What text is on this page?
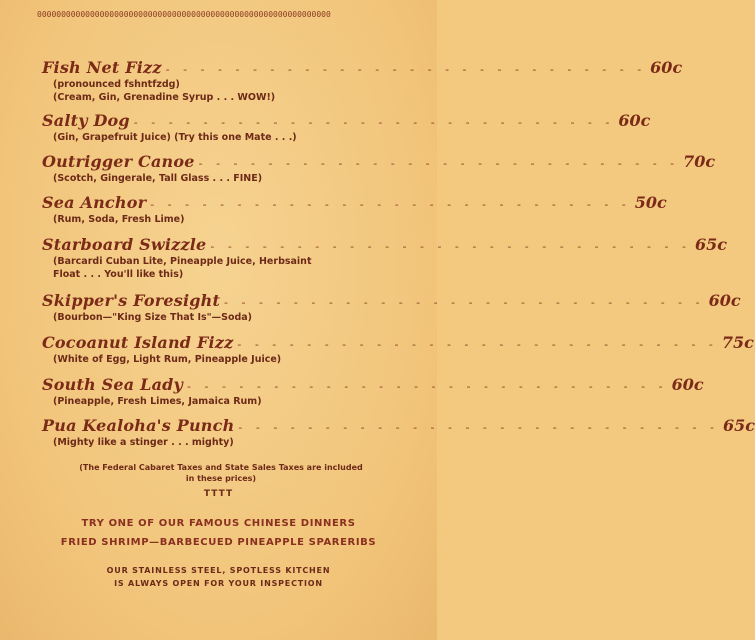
0000000000000000000000000000000000000000000000000000000000000
Fish Net Fizz - - - - - - - - - - - - - - - - - - - - - - - - - - - - 60c
(pronounced fshntfzdg)
(Cream, Gin, Grenadine Syrup . . . WOW!)
Salty Dog - - - - - - - - - - - - - - - - - - - - - - - - - - - - 60c
(Gin, Grapefruit Juice) (Try this one Mate . . .)
Outrigger Canoe - - - - - - - - - - - - - - - - - - - - - - - - - - - - 70c
(Scotch, Gingerale, Tall Glass . . . FINE)
Sea Anchor - - - - - - - - - - - - - - - - - - - - - - - - - - - - 50c
(Rum, Soda, Fresh Lime)
Starboard Swizzle - - - - - - - - - - - - - - - - - - - - - - - - - - - - 65c
(Barcardi Cuban Lite, Pineapple Juice, Herbsaint
Float . . . You'll like this)
Skipper's Foresight - - - - - - - - - - - - - - - - - - - - - - - - - - - - 60c
(Bourbon—"King Size That Is"—Soda)
Cocoanut Island Fizz - - - - - - - - - - - - - - - - - - - - - - - - - - - - 75c
(White of Egg, Light Rum, Pineapple Juice)
South Sea Lady - - - - - - - - - - - - - - - - - - - - - - - - - - - - 60c
(Pineapple, Fresh Limes, Jamaica Rum)
Pua Kealoha's Punch - - - - - - - - - - - - - - - - - - - - - - - - - - - - 65c
(Mighty like a stinger . . . mighty)
(The Federal Cabaret Taxes and State Sales Taxes are included
in these prices)
TTTT
TRY ONE OF OUR FAMOUS CHINESE DINNERS
FRIED SHRIMP—BARBECUED PINEAPPLE SPARERIBS
OUR STAINLESS STEEL, SPOTLESS KITCHEN
IS ALWAYS OPEN FOR YOUR INSPECTION
